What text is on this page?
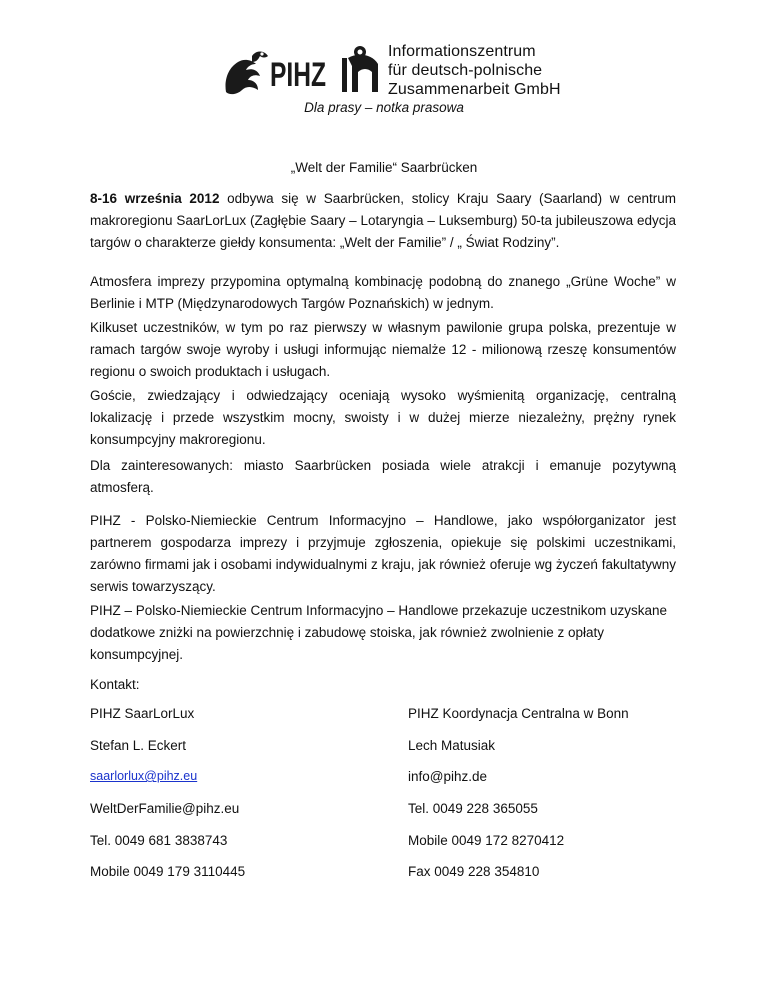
PIHZ
Informationszentrum
für deutsch-polnische
Zusammenarbeit GmbH
Dla prasy – notka prasowa
„Welt der Familie“ Saarbrücken
8-16 września 2012 odbywa się w Saarbrücken, stolicy Kraju Saary (Saarland) w centrum makroregionu SaarLorLux (Zagłębie Saary – Lotaryngia – Luksemburg) 50-ta jubileuszowa edycja targów o charakterze giełdy konsumenta: „Welt der Familie” / „ Świat Rodziny”.
Atmosfera imprezy przypomina optymalną kombinację podobną do znanego „Grüne Woche” w Berlinie i MTP (Międzynarodowych Targów Poznańskich) w jednym.
Kilkuset uczestników, w tym po raz pierwszy w własnym pawilonie grupa polska, prezentuje w ramach targów swoje wyroby i usługi informując niemalże 12 - milionową rzeszę konsumentów regionu o swoich produktach i usługach.
Goście, zwiedzający i odwiedzający oceniają wysoko wyśmienitą organizację, centralną lokalizację i przede wszystkim mocny, swoisty i w dużej mierze niezależny, prężny rynek konsumpcyjny makroregionu.
Dla zainteresowanych: miasto Saarbrücken posiada wiele atrakcji i emanuje pozytywną atmosferą.
PIHZ - Polsko-Niemieckie Centrum Informacyjno – Handlowe, jako współorganizator jest partnerem gospodarza imprezy i przyjmuje zgłoszenia, opiekuje się polskimi uczestnikami, zarówno firmami jak i osobami indywidualnymi z kraju, jak również oferuje wg życzeń fakultatywny serwis towarzyszący.
PIHZ – Polsko-Niemieckie Centrum Informacyjno – Handlowe przekazuje uczestnikom uzyskane dodatkowe zniżki na powierzchnię i zabudowę stoiska, jak również zwolnienie z opłaty konsumpcyjnej.
Kontakt:
PIHZ SaarLorLux	PIHZ Koordynacja Centralna w Bonn
Stefan L. Eckert	Lech Matusiak
saarlorlux@pihz.eu	info@pihz.de
WeltDerFamilie@pihz.eu	Tel. 0049 228 365055
Tel. 0049 681 3838743	Mobile 0049 172 8270412
Mobile 0049 179 3110445	Fax 0049 228 354810
